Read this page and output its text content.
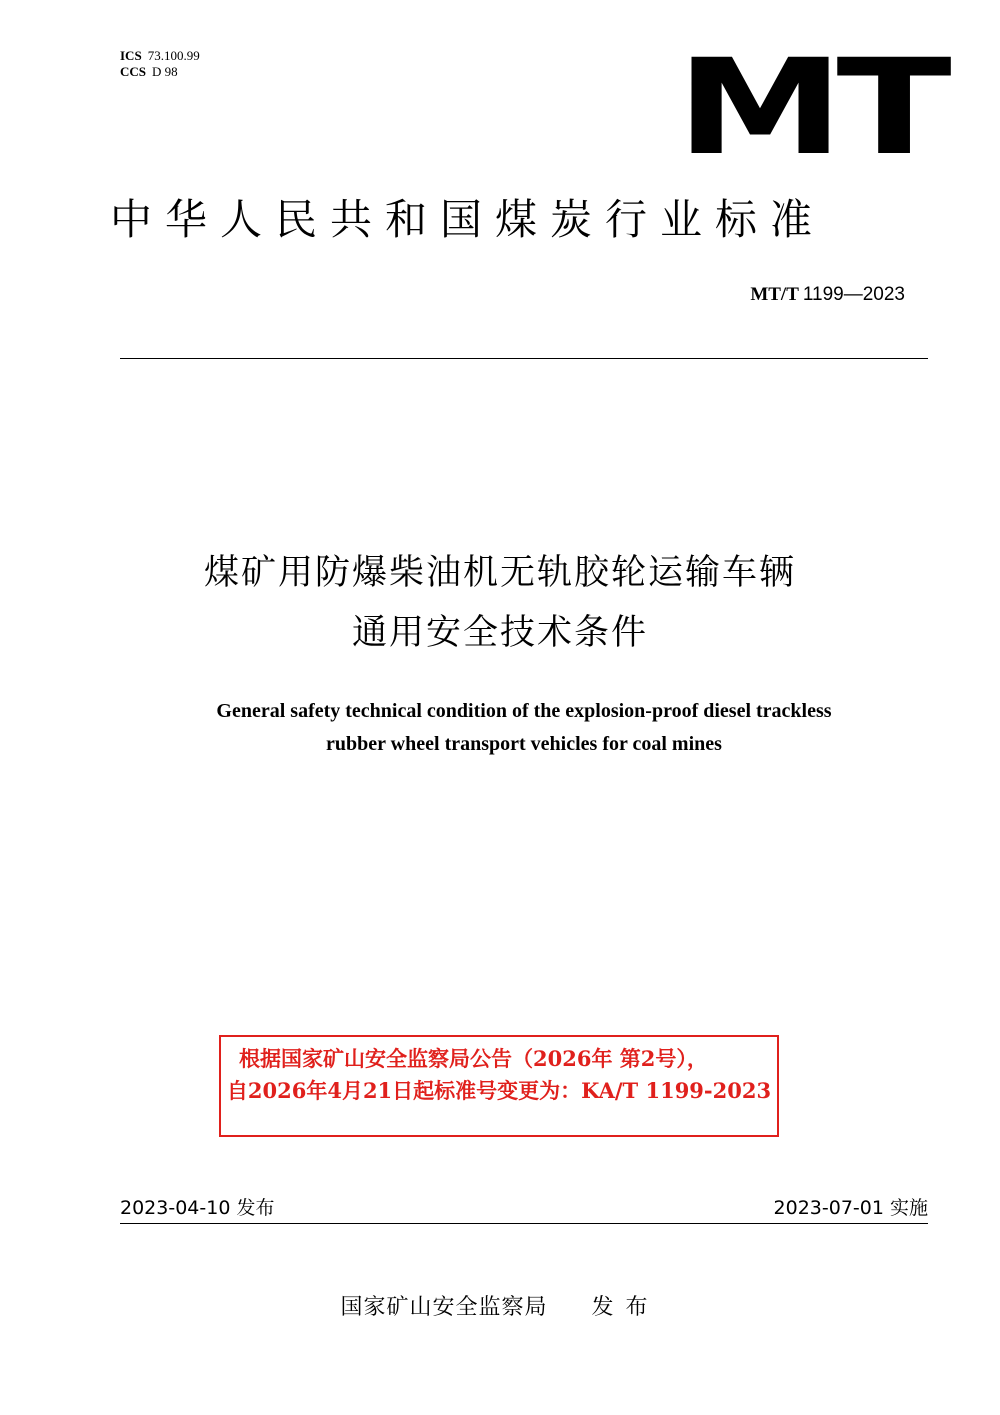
ICS 73.100.99
CCS D 98	MT
中华人民共和国煤炭行业标准
MT/T 1199—2023
煤矿用防爆柴油机无轨胶轮运输车辆
通用安全技术条件
General safety technical condition of the explosion-proof diesel trackless
rubber wheel transport vehicles for coal mines
根据国家矿山安全监察局公告（2026年 第2号），
自2026年4月21日起标准号变更为：KA/T 1199-2023
2023-04-10 发布	2023-07-01 实施
国家矿山安全监察局 发布
